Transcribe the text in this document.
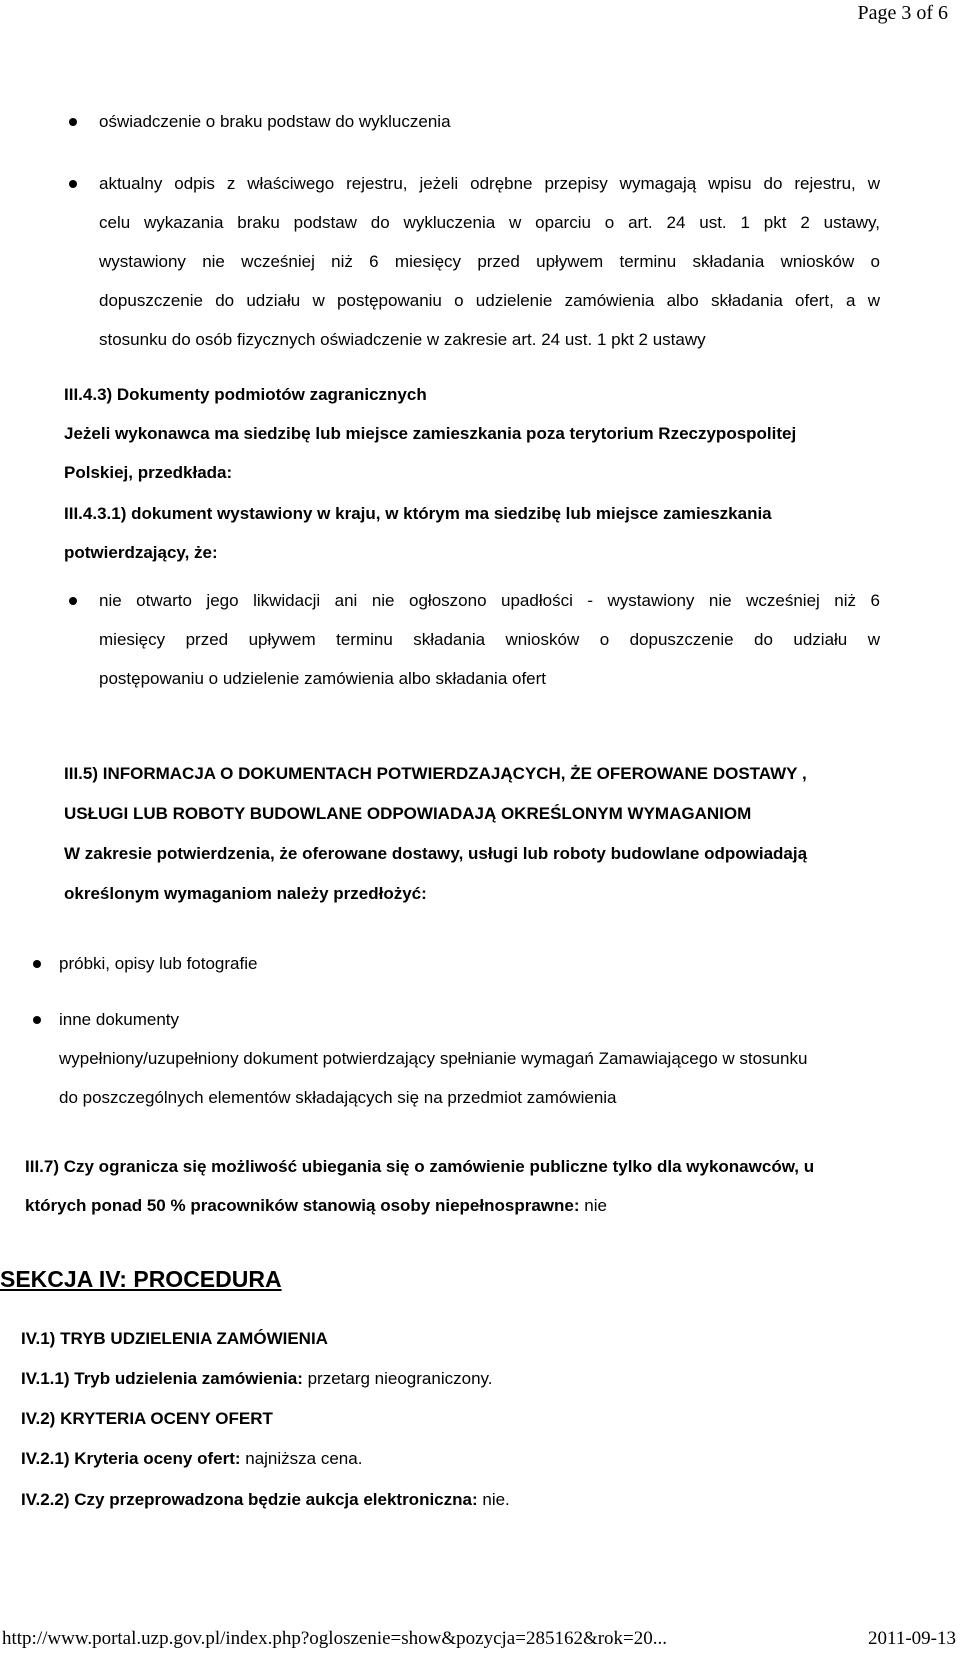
Page 3 of 6
oświadczenie o braku podstaw do wykluczenia
aktualny odpis z właściwego rejestru, jeżeli odrębne przepisy wymagają wpisu do rejestru, w
celu wykazania braku podstaw do wykluczenia w oparciu o art. 24 ust. 1 pkt 2 ustawy,
wystawiony nie wcześniej niż 6 miesięcy przed upływem terminu składania wniosków o
dopuszczenie do udziału w postępowaniu o udzielenie zamówienia albo składania ofert, a w
stosunku do osób fizycznych oświadczenie w zakresie art. 24 ust. 1 pkt 2 ustawy
III.4.3) Dokumenty podmiotów zagranicznych
Jeżeli wykonawca ma siedzibę lub miejsce zamieszkania poza terytorium Rzeczypospolitej
Polskiej, przedkłada:
III.4.3.1) dokument wystawiony w kraju, w którym ma siedzibę lub miejsce zamieszkania
potwierdzający, że:
nie otwarto jego likwidacji ani nie ogłoszono upadłości - wystawiony nie wcześniej niż 6
miesięcy przed upływem terminu składania wniosków o dopuszczenie do udziału w
postępowaniu o udzielenie zamówienia albo składania ofert
III.5) INFORMACJA O DOKUMENTACH POTWIERDZAJĄCYCH, ŻE OFEROWANE DOSTAWY ,
USŁUGI LUB ROBOTY BUDOWLANE ODPOWIADAJĄ OKREŚLONYM WYMAGANIOM
W zakresie potwierdzenia, że oferowane dostawy, usługi lub roboty budowlane odpowiadają
określonym wymaganiom należy przedłożyć:
próbki, opisy lub fotografie
inne dokumenty
wypełniony/uzupełniony dokument potwierdzający spełnianie wymagań Zamawiającego w stosunku
do poszczególnych elementów składających się na przedmiot zamówienia
III.7) Czy ogranicza się możliwość ubiegania się o zamówienie publiczne tylko dla wykonawców, u
których ponad 50 % pracowników stanowią osoby niepełnosprawne: nie
SEKCJA IV: PROCEDURA
IV.1) TRYB UDZIELENIA ZAMÓWIENIA
IV.1.1) Tryb udzielenia zamówienia: przetarg nieograniczony.
IV.2) KRYTERIA OCENY OFERT
IV.2.1) Kryteria oceny ofert: najniższa cena.
IV.2.2) Czy przeprowadzona będzie aukcja elektroniczna: nie.
http://www.portal.uzp.gov.pl/index.php?ogloszenie=show&pozycja=285162&rok=20...	2011-09-13
